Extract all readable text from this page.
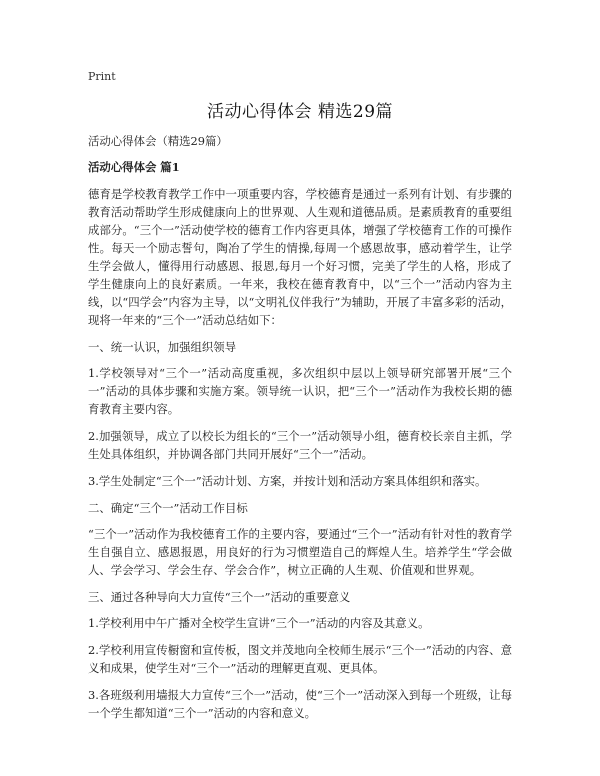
Print
活动心得体会 精选29篇

活动心得体会（精选29篇）

活动心得体会 篇1

德育是学校教育教学工作中一项重要内容，学校德育是通过一系列有计划、有步骤的教育活动帮助学生形成健康向上的世界观、人生观和道德品质。是素质教育的重要组成部分。“三个一”活动使学校的德育工作内容更具体，增强了学校德育工作的可操作性。每天一个励志誓句，陶冶了学生的情操,每周一个感恩故事，感动着学生，让学生学会做人，懂得用行动感恩、报恩,每月一个好习惯，完美了学生的人格，形成了学生健康向上的良好素质。一年来，我校在德育教育中，以“三个一”活动内容为主线，以“四学会”内容为主导，以“文明礼仪伴我行”为辅助，开展了丰富多彩的活动，现将一年来的“三个一”活动总结如下：

一、统一认识，加强组织领导

1.学校领导对“三个一”活动高度重视，多次组织中层以上领导研究部署开展“三个一”活动的具体步骤和实施方案。领导统一认识，把“三个一”活动作为我校长期的德育教育主要内容。

2.加强领导，成立了以校长为组长的“三个一”活动领导小组，德育校长亲自主抓，学生处具体组织，并协调各部门共同开展好“三个一”活动。

3.学生处制定“三个一”活动计划、方案，并按计划和活动方案具体组织和落实。

二、确定“三个一”活动工作目标

“三个一”活动作为我校德育工作的主要内容，要通过“三个一”活动有针对性的教育学生自强自立、感恩报恩，用良好的行为习惯塑造自己的辉煌人生。培养学生“学会做人、学会学习、学会生存、学会合作”，树立正确的人生观、价值观和世界观。

三、通过各种导向大力宣传“三个一”活动的重要意义

1.学校利用中午广播对全校学生宣讲“三个一”活动的内容及其意义。

2.学校利用宣传橱窗和宣传板，图文并茂地向全校师生展示“三个一”活动的内容、意义和成果，使学生对“三个一”活动的理解更直观、更具体。

3.各班级利用墙报大力宣传“三个一”活动，使“三个一”活动深入到每一个班级，让每一个学生都知道“三个一”活动的内容和意义。
